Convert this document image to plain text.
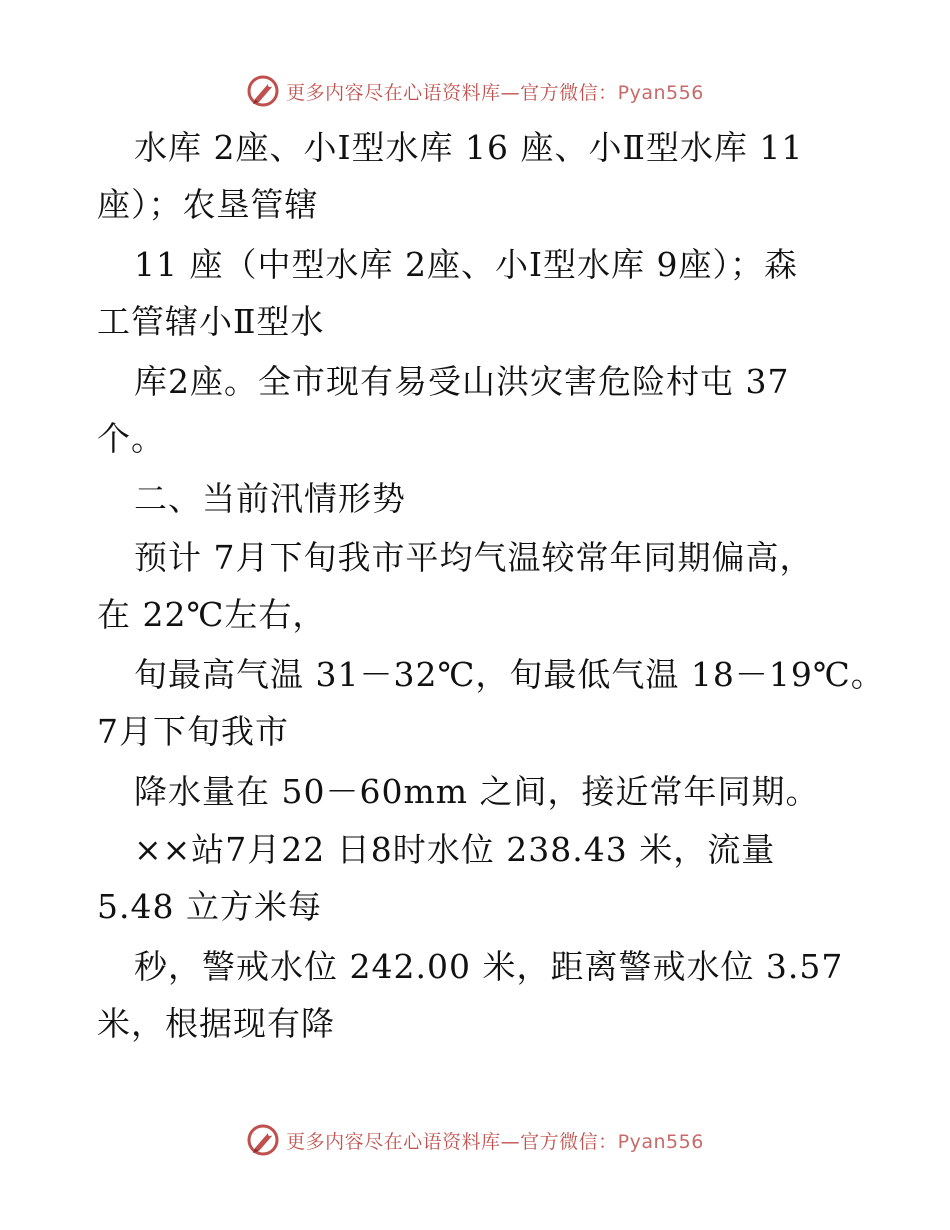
更多内容尽在心语资料库—官方微信：Pyan556
水库 2座、小Ⅰ型水库 16 座、小Ⅱ型水库 11
座）；农垦管辖
11 座（中型水库 2座、小Ⅰ型水库 9座）；森
工管辖小Ⅱ型水
库2座。全市现有易受山洪灾害危险村屯 37
个。
二、当前汛情形势
预计 7月下旬我市平均气温较常年同期偏高，
在 22℃左右，
旬最高气温 31－32℃，旬最低气温 18－19℃。
7月下旬我市
降水量在 50－60mm 之间，接近常年同期。
××站7月22 日8时水位 238.43 米，流量
5.48 立方米每
秒，警戒水位 242.00 米，距离警戒水位 3.57
米，根据现有降
更多内容尽在心语资料库—官方微信：Pyan556
